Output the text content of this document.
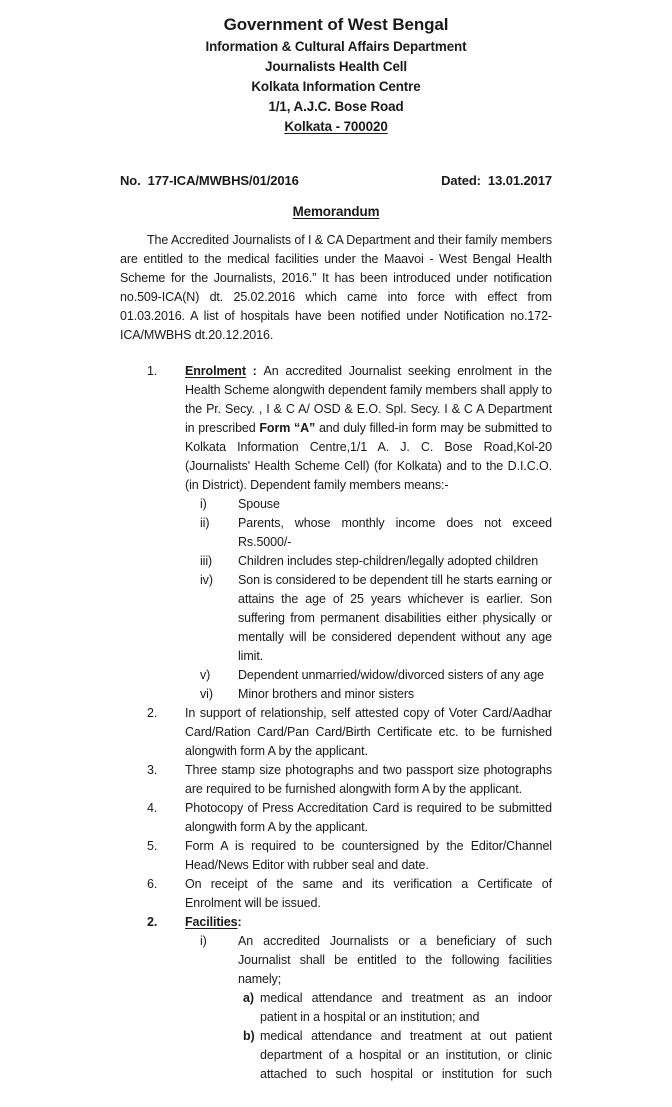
Government of West Bengal
Information & Cultural Affairs Department
Journalists Health Cell
Kolkata Information Centre
1/1, A.J.C. Bose Road
Kolkata - 700020
No.  177-ICA/MWBHS/01/2016	Dated:  13.01.2017
Memorandum

The Accredited Journalists of I & CA Department and their family members are entitled to the medical facilities under the Maavoi - West Bengal Health Scheme for the Journalists, 2016.” It has been introduced under notification no.509-ICA(N) dt. 25.02.2016 which came into force with effect from 01.03.2016. A list of hospitals have been notified under Notification no.172-ICA/MWBHS dt.20.12.2016.

1.	Enrolment : An accredited Journalist seeking enrolment in the Health Scheme alongwith dependent family members shall apply to the Pr. Secy. , I & C A/ OSD & E.O. Spl. Secy. I & C A Department in prescribed Form “A” and duly filled-in form may be submitted to Kolkata Information Centre,1/1 A. J. C. Bose Road,Kol-20 (Journalists' Health Scheme Cell) (for Kolkata) and to the D.I.C.O.(in District). Dependent family members means:-
i)	Spouse
ii)	Parents, whose monthly income does not exceed Rs.5000/-
iii)	Children includes step-children/legally adopted children
iv)	Son is considered to be dependent till he starts earning or attains the age of 25 years whichever is earlier. Son suffering from permanent disabilities either physically or mentally will be considered dependent without any age limit.
v)	Dependent unmarried/widow/divorced sisters of any age
vi)	Minor brothers and minor sisters
2.	In support of relationship, self attested copy of Voter Card/Aadhar Card/Ration Card/Pan Card/Birth Certificate etc. to be furnished alongwith form A by the applicant.
3.	Three stamp size photographs and two passport size photographs are required to be furnished alongwith form A by the applicant.
4.	Photocopy of Press Accreditation Card is required to be submitted alongwith form A by the applicant.
5.	Form A is required to be countersigned by the Editor/Channel Head/News Editor with rubber seal and date.
6.	On receipt of the same and its verification a Certificate of Enrolment will be issued.
2.	Facilities:
i)	An accredited Journalists or a beneficiary of such Journalist shall be entitled to the following facilities namely;
a) medical attendance and treatment as an indoor patient in a hospital or an institution; and
b) medical attendance and treatment at out patient department of a hospital or an institution, or clinic attached to such hospital or institution for such
